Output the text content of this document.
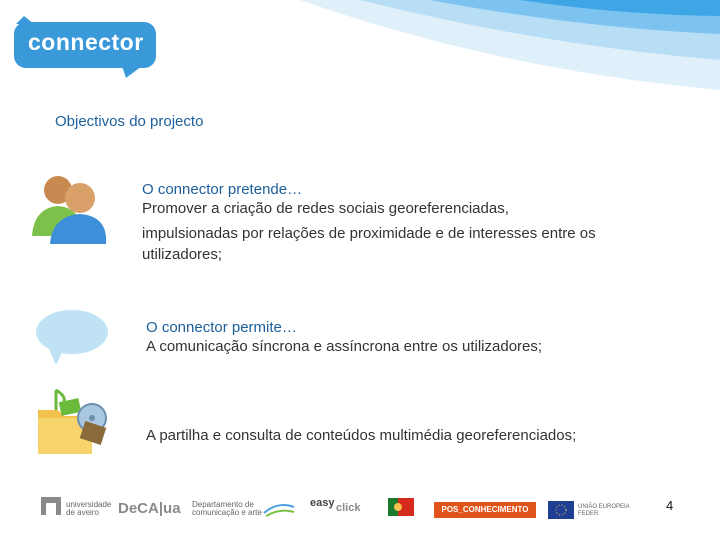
connector
Objectivos do projecto
O connector pretende…
Promover a criação de redes sociais georeferenciadas,
impulsionadas por relações de proximidade e de interesses entre os
utilizadores;
O connector permite…
A comunicação síncrona e assíncrona entre os utilizadores;
A partilha e consulta de conteúdos multimédia georeferenciados;
universidade
de aveiro DeCA|ua Departamento de
comunicação e arte
easy click	POS_CONHECIMENTO	UNIÃO EUROPEIA
FEDER
4
